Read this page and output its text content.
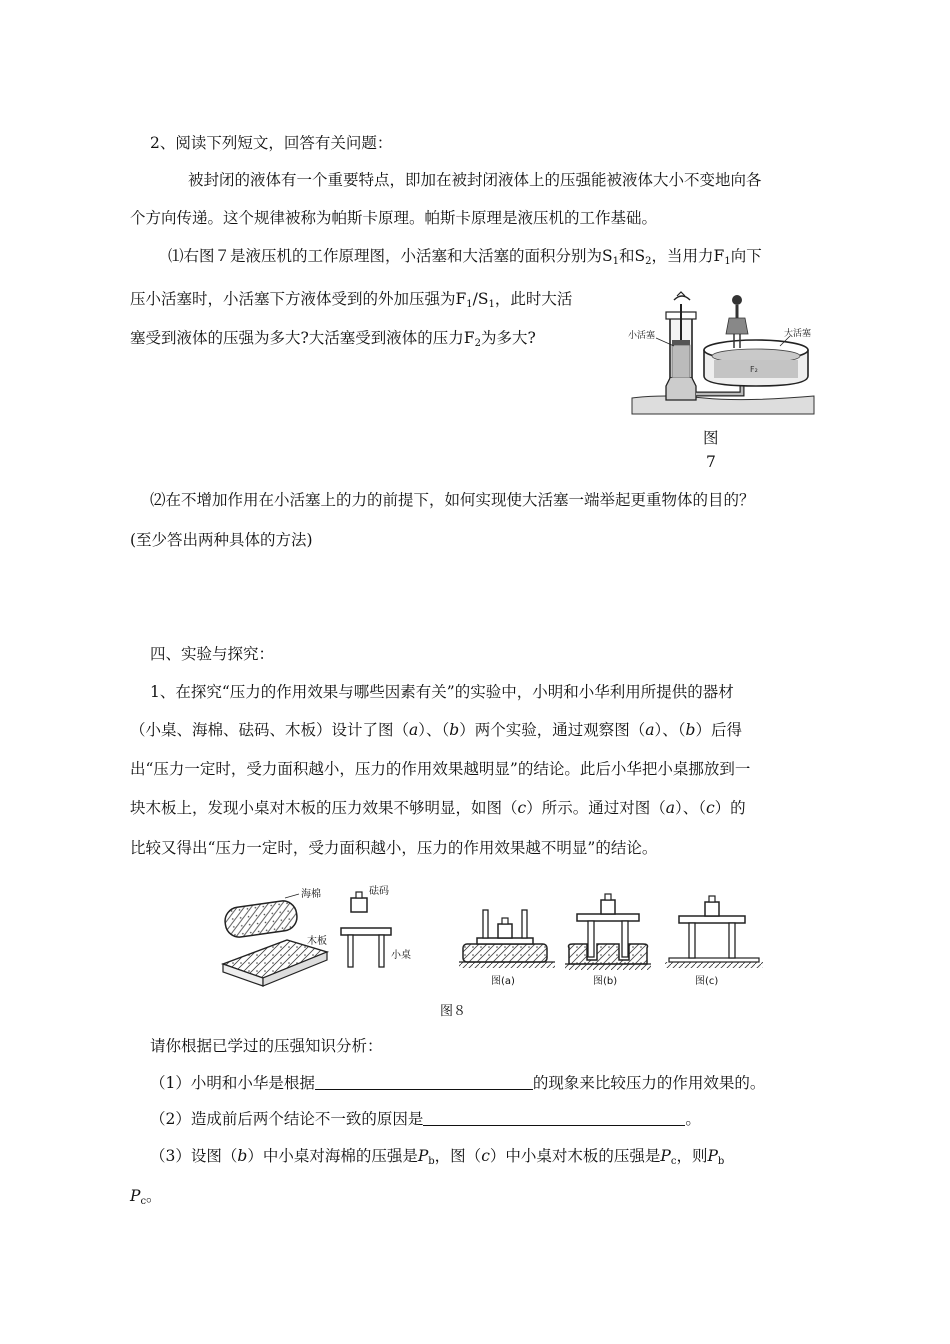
2、阅读下列短文，回答有关问题：
被封闭的液体有一个重要特点，即加在被封闭液体上的压强能被液体大小不变地向各
个方向传递。这个规律被称为帕斯卡原理。帕斯卡原理是液压机的工作基础。
⑴右图７是液压机的工作原理图，小活塞和大活塞的面积分别为$S_1$和$S_2$，当用力$F_1$向下
压小活塞时，小活塞下方液体受到的外加压强为$F_1/S_1$，此时大活
塞受到液体的压强为多大?大活塞受到液体的压力$F_2$为多大?
F₂
小活塞	大活塞
图
7
⑵在不增加作用在小活塞上的力的前提下，如何实现使大活塞一端举起更重物体的目的？
(至少答出两种具体的方法)
四、实验与探究：
1、在探究“压力的作用效果与哪些因素有关”的实验中，小明和小华利用所提供的器材
（小桌、海棉、砝码、木板）设计了图（a）、（b）两个实验，通过观察图（a）、（b）后得
出“压力一定时，受力面积越小，压力的作用效果越明显”的结论。此后小华把小桌挪放到一
块木板上，发现小桌对木板的压力效果不够明显，如图（c）所示。通过对图（a）、（c）的
比较又得出“压力一定时，受力面积越小，压力的作用效果越不明显”的结论。
海棉
木板
砝码
小桌
图(a)	图(b)	图(c)
图８
请你根据已学过的压强知识分析：
（1）小明和小华是根据	的现象来比较压力的作用效果的。
（2）造成前后两个结论不一致的原因是	。
（3）设图（b）中小桌对海棉的压强是$P_b$，图（c）中小桌对木板的压强是$P_c$，则$P_b$
$P_c$。
